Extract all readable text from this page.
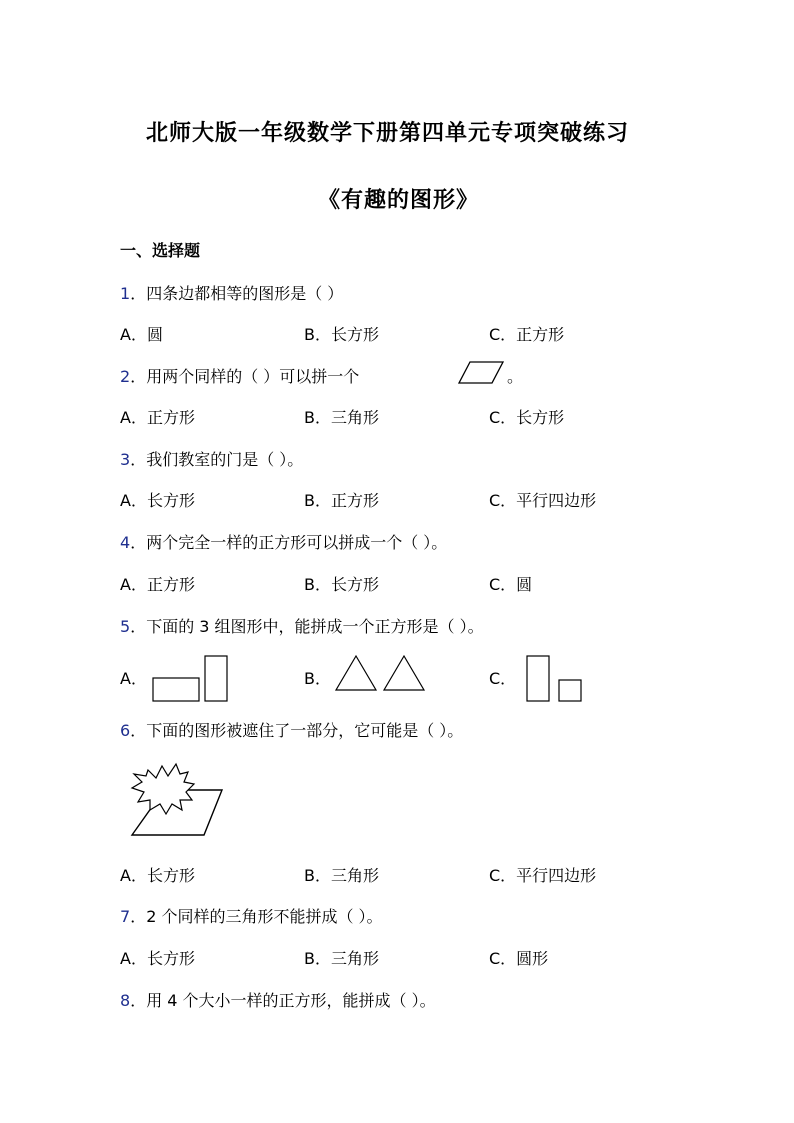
北师大版一年级数学下册第四单元专项突破练习
《有趣的图形》
一、选择题
1．四条边都相等的图形是（ ）
A．圆	B．长方形	C．正方形
2．用两个同样的（ ）可以拼一个	。
A．正方形	B．三角形	C．长方形
3．我们教室的门是（ ）。
A．长方形	B．正方形	C．平行四边形
4．两个完全一样的正方形可以拼成一个（ ）。
A．正方形	B．长方形	C．圆
5．下面的 3 组图形中，能拼成一个正方形是（ ）。
A．	B．	C．
6．下面的图形被遮住了一部分，它可能是（ ）。
A．长方形	B．三角形	C．平行四边形
7．2 个同样的三角形不能拼成（ ）。
A．长方形	B．三角形	C．圆形
8．用 4 个大小一样的正方形，能拼成（ ）。
